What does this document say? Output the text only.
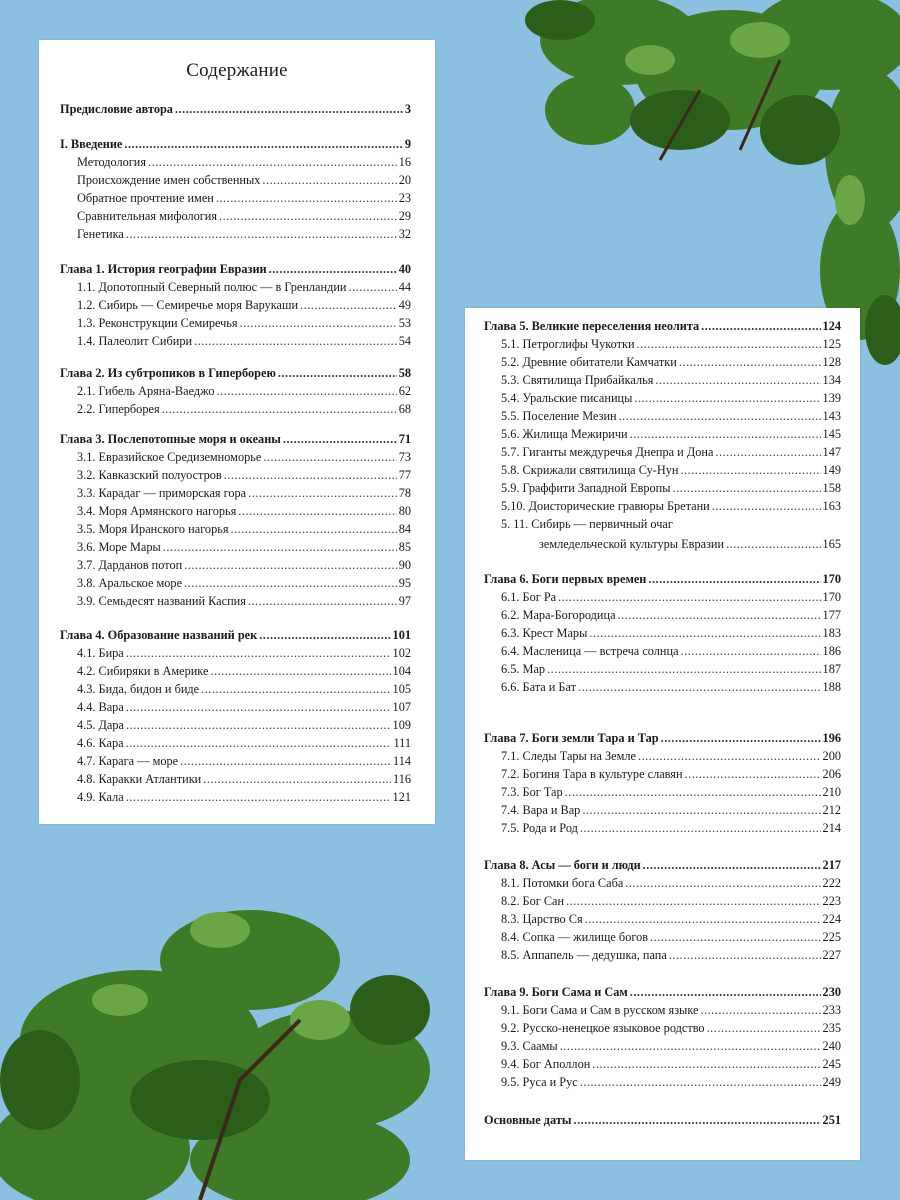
Содержание
Предисловие автора .....	3
I. Введение .....	9
Методология .....	16
Происхождение имен собственных .....	20
Обратное прочтение имен .....	23
Сравнительная мифология .....	29
Генетика .....	32
Глава 1. История географии Евразии .....	40
1.1. Допотопный Северный полюс — в Гренландии .....	44
1.2. Сибирь — Семиречье моря Варукаши .....	49
1.3. Реконструкции Семиречья .....	53
1.4. Палеолит Сибири .....	54
Глава 2. Из субтропиков в Гиперборею .....	58
2.1. Гибель Аряна-Ваеджо .....	62
2.2. Гиперборея .....	68
Глава 3. Послепотопные моря и океаны .....	71
3.1. Евразийское Средиземноморье .....	73
3.2. Кавказский полуостров .....	77
3.3. Карадаг — приморская гора .....	78
3.4. Моря Армянского нагорья .....	80
3.5. Моря Иранского нагорья .....	84
3.6. Море Мары .....	85
3.7. Дарданов потоп .....	90
3.8. Аральское море .....	95
3.9. Семьдесят названий Каспия .....	97
Глава 4. Образование названий рек .....	101
4.1. Бира .....	102
4.2. Сибиряки в Америке .....	104
4.3. Бида, бидон и биде .....	105
4.4. Вара .....	107
4.5. Дара .....	109
4.6. Кара .....	111
4.7. Карага — море .....	114
4.8. Каракки Атлантики .....	116
4.9. Кала .....	121
Глава 5. Великие переселения неолита .....	124
5.1. Петроглифы Чукотки .....	125
5.2. Древние обитатели Камчатки .....	128
5.3. Святилища Прибайкалья .....	134
5.4. Уральские писаницы .....	139
5.5. Поселение Мезин .....	143
5.6. Жилища Межиричи .....	145
5.7. Гиганты междуречья Днепра и Дона .....	147
5.8. Скрижали святилища Су-Нун .....	149
5.9. Граффити Западной Европы .....	158
5.10. Доисторические гравюры Бретани .....	163
5. 11. Сибирь — первичный очаг
земледельческой культуры Евразии .....	165
Глава 6. Боги первых времен .....	170
6.1. Бог Ра .....	170
6.2. Мара-Богородица .....	177
6.3. Крест Мары .....	183
6.4. Масленица — встреча солнца .....	186
6.5. Мар .....	187
6.6. Бата и Бат .....	188
Глава 7. Боги земли Тара и Тар .....	196
7.1. Следы Тары на Земле .....	200
7.2. Богиня Тара в культуре славян .....	206
7.3. Бог Тар .....	210
7.4. Вара и Вар .....	212
7.5. Рода и Род .....	214
Глава 8. Асы — боги и люди .....	217
8.1. Потомки бога Саба .....	222
8.2. Бог Сан .....	223
8.3. Царство Ся .....	224
8.4. Сопка — жилище богов .....	225
8.5. Аппапель — дедушка, папа .....	227
Глава 9. Боги Сама и Сам .....	230
9.1. Боги Сама и Сам в русском языке .....	233
9.2. Русско-ненецкое языковое родство .....	235
9.3. Саамы .....	240
9.4. Бог Аполлон .....	245
9.5. Руса и Рус .....	249
Основные даты .....	251
